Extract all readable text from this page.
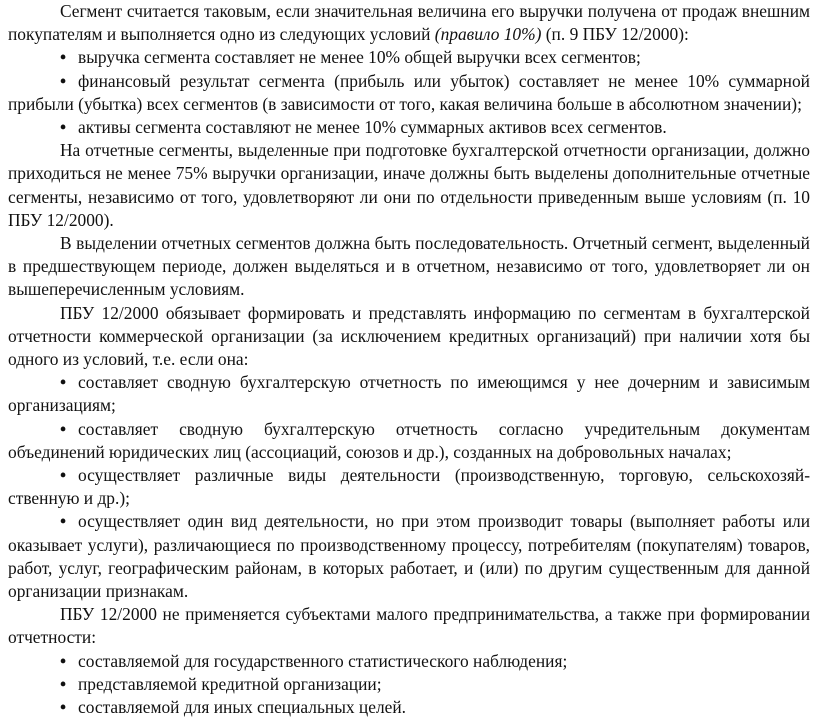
Сегмент считается таковым, если значительная величина его выручки получена от продаж внешним покупателям и выполняется одно из следующих условий (правило 10%) (п. 9 ПБУ 12/2000):

• выручка сегмента составляет не менее 10% общей выручки всех сегментов;

• финансовый результат сегмента (прибыль или убыток) составляет не менее 10% суммарной прибыли (убытка) всех сегментов (в зависимости от того, какая величина больше в абсолютном значении);

• активы сегмента составляют не менее 10% суммарных активов всех сегментов.

На отчетные сегменты, выделенные при подготовке бухгалтерской отчетности организации, должно приходиться не менее 75% выручки организации, иначе должны быть выделены дополнительные отчетные сегменты, независимо от того, удовлетворяют ли они по отдельности приведенным выше условиям (п. 10 ПБУ 12/2000).

В выделении отчетных сегментов должна быть последовательность. Отчетный сегмент, выделенный в предшествующем периоде, должен выделяться и в отчетном, независимо от того, удовлетворяет ли он вышеперечисленным условиям.

ПБУ 12/2000 обязывает формировать и представлять информацию по сегментам в бухгалтерской отчетности коммерческой организации (за исключением кредитных организаций) при наличии хотя бы одного из условий, т.е. если она:

• составляет сводную бухгалтерскую отчетность по имеющимся у нее дочерним и зависимым организациям;

• составляет сводную бухгалтерскую отчетность согласно учредительным документам объединений юридических лиц (ассоциаций, союзов и др.), созданных на добровольных началах;

• осуществляет различные виды деятельности (производственную, торговую, сельскохозяй-ственную и др.);

• осуществляет один вид деятельности, но при этом производит товары (выполняет работы или оказывает услуги), различающиеся по производственному процессу, потребителям (покупателям) товаров, работ, услуг, географическим районам, в которых работает, и (или) по другим существенным для данной организации признакам.

ПБУ 12/2000 не применяется субъектами малого предпринимательства, а также при формировании отчетности:

• составляемой для государственного статистического наблюдения;

• представляемой кредитной организации;

• составляемой для иных специальных целей.
